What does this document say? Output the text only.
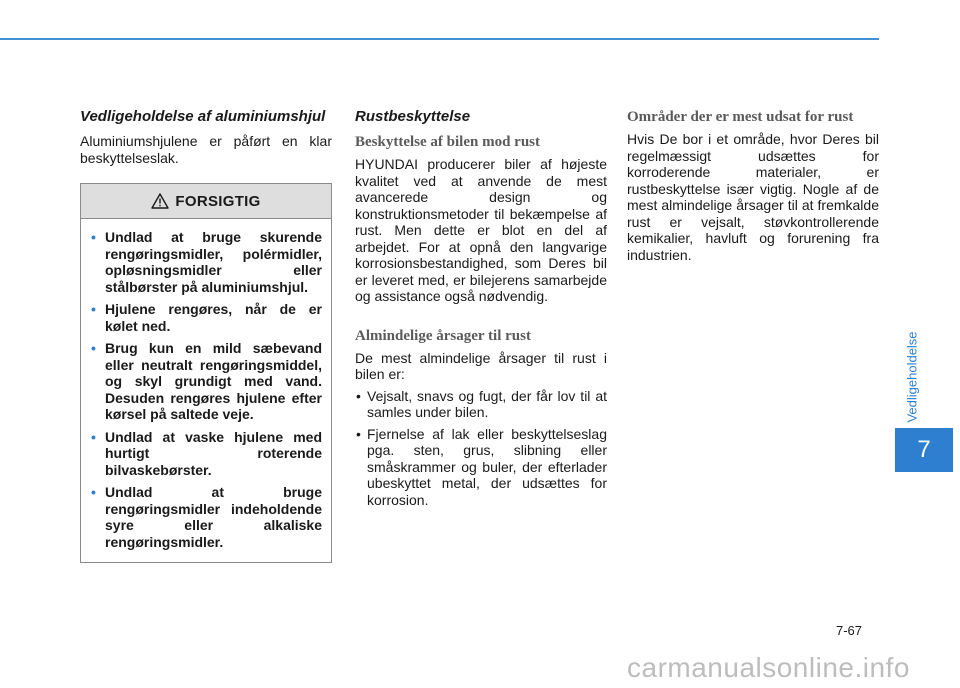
Vedligeholdelse af aluminiumshjul

Aluminiumshjulene er påført en klar beskyttelseslak.

FORSIGTIG
• Undlad at bruge skurende rengøringsmidler, polérmidler, opløsningsmidler eller stålbørster på aluminiumshjul.
• Hjulene rengøres, når de er kølet ned.
• Brug kun en mild sæbevand eller neutralt rengøringsmiddel, og skyl grundigt med vand. Desuden rengøres hjulene efter kørsel på saltede veje.
• Undlad at vaske hjulene med hurtigt roterende bilvaskebørster.
• Undlad at bruge rengøringsmidler indeholdende syre eller alkaliske rengøringsmidler.
Rustbeskyttelse
Beskyttelse af bilen mod rust

HYUNDAI producerer biler af højeste kvalitet ved at anvende de mest avancerede design og konstruktionsmetoder til bekæmpelse af rust. Men dette er blot en del af arbejdet. For at opnå den langvarige korrosionsbestandighed, som Deres bil er leveret med, er bilejerens samarbejde og assistance også nødvendig.

Almindelige årsager til rust

De mest almindelige årsager til rust i bilen er:

• Vejsalt, snavs og fugt, der får lov til at samles under bilen.
• Fjernelse af lak eller beskyttelseslag pga. sten, grus, slibning eller småskrammer og buler, der efterlader ubeskyttet metal, der udsættes for korrosion.
Områder der er mest udsat for rust

Hvis De bor i et område, hvor Deres bil regelmæssigt udsættes for korroderende materialer, er rustbeskyttelse især vigtig. Nogle af de mest almindelige årsager til at fremkalde rust er vejsalt, støvkontrollerende kemikalier, havluft og forurening fra industrien.

Vedligeholdelse
7
7-67
carmanualsonline.info
